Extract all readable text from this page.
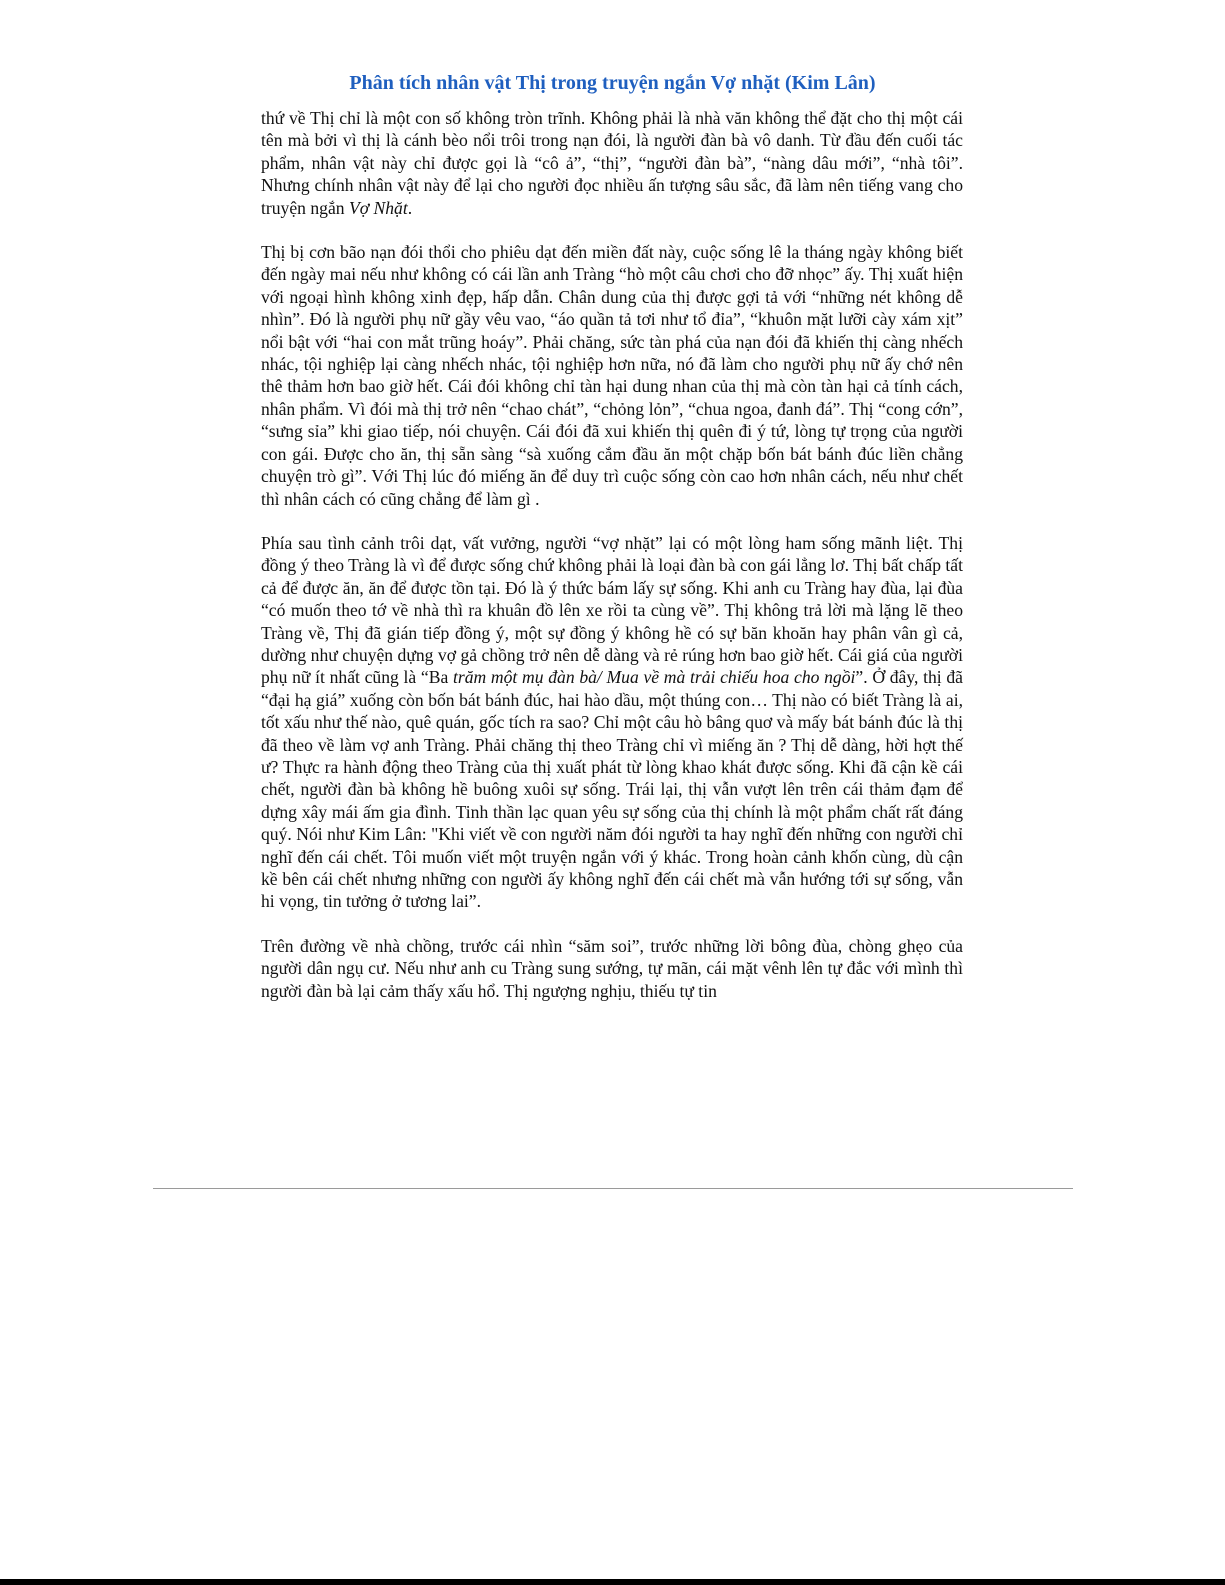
Phân tích nhân vật Thị trong truyện ngắn Vợ nhặt (Kim Lân)

thứ về Thị chỉ là một con số không tròn trĩnh. Không phải là nhà văn không thể đặt cho thị một cái tên mà bởi vì thị là cánh bèo nổi trôi trong nạn đói, là người đàn bà vô danh. Từ đầu đến cuối tác phẩm, nhân vật này chỉ được gọi là “cô ả”, “thị”, “người đàn bà”, “nàng dâu mới”, “nhà tôi”. Nhưng chính nhân vật này để lại cho người đọc nhiều ấn tượng sâu sắc, đã làm nên tiếng vang cho truyện ngắn Vợ Nhặt.

Thị bị cơn bão nạn đói thổi cho phiêu dạt đến miền đất này, cuộc sống lê la tháng ngày không biết đến ngày mai nếu như không có cái lần anh Tràng “hò một câu chơi cho đỡ nhọc” ấy. Thị xuất hiện với ngoại hình không xinh đẹp, hấp dẫn. Chân dung của thị được gợi tả với “những nét không dễ nhìn”. Đó là người phụ nữ gầy vêu vao, “áo quần tả tơi như tổ đỉa”, “khuôn mặt lưỡi cày xám xịt” nổi bật với “hai con mắt trũng hoáy”. Phải chăng, sức tàn phá của nạn đói đã khiến thị càng nhếch nhác, tội nghiệp lại càng nhếch nhác, tội nghiệp hơn nữa, nó đã làm cho người phụ nữ ấy chớ nên thê thảm hơn bao giờ hết. Cái đói không chỉ tàn hại dung nhan của thị mà còn tàn hại cả tính cách, nhân phẩm. Vì đói mà thị trở nên “chao chát”, “chỏng lỏn”, “chua ngoa, đanh đá”. Thị “cong cớn”, “sưng sỉa” khi giao tiếp, nói chuyện. Cái đói đã xui khiến thị quên đi ý tứ, lòng tự trọng của người con gái. Được cho ăn, thị sẵn sàng “sà xuống cắm đầu ăn một chặp bốn bát bánh đúc liền chẳng chuyện trò gì”. Với Thị lúc đó miếng ăn để duy trì cuộc sống còn cao hơn nhân cách, nếu như chết thì nhân cách có cũng chẳng để làm gì .

Phía sau tình cảnh trôi dạt, vất vưởng, người “vợ nhặt” lại có một lòng ham sống mãnh liệt. Thị đồng ý theo Tràng là vì để được sống chứ không phải là loại đàn bà con gái lẳng lơ. Thị bất chấp tất cả để được ăn, ăn để được tồn tại. Đó là ý thức bám lấy sự sống. Khi anh cu Tràng hay đùa, lại đùa “có muốn theo tớ về nhà thì ra khuân đồ lên xe rồi ta cùng về”. Thị không trả lời mà lặng lẽ theo Tràng về, Thị đã gián tiếp đồng ý, một sự đồng ý không hề có sự băn khoăn hay phân vân gì cả, dường như chuyện dựng vợ gả chồng trở nên dễ dàng và rẻ rúng hơn bao giờ hết. Cái giá của người phụ nữ ít nhất cũng là “Ba trăm một mụ đàn bà/ Mua về mà trải chiếu hoa cho ngồi”. Ở đây, thị đã “đại hạ giá” xuống còn bốn bát bánh đúc, hai hào dầu, một thúng con… Thị nào có biết Tràng là ai, tốt xấu như thế nào, quê quán, gốc tích ra sao? Chỉ một câu hò bâng quơ và mấy bát bánh đúc là thị đã theo về làm vợ anh Tràng. Phải chăng thị theo Tràng chỉ vì miếng ăn ? Thị dễ dàng, hời hợt thế ư? Thực ra hành động theo Tràng của thị xuất phát từ lòng khao khát được sống. Khi đã cận kề cái chết, người đàn bà không hề buông xuôi sự sống. Trái lại, thị vẫn vượt lên trên cái thảm đạm để dựng xây mái ấm gia đình. Tinh thần lạc quan yêu sự sống của thị chính là một phẩm chất rất đáng quý. Nói như Kim Lân: "Khi viết về con người năm đói người ta hay nghĩ đến những con người chỉ nghĩ đến cái chết. Tôi muốn viết một truyện ngắn với ý khác. Trong hoàn cảnh khốn cùng, dù cận kề bên cái chết nhưng những con người ấy không nghĩ đến cái chết mà vẫn hướng tới sự sống, vẫn hi vọng, tin tưởng ở tương lai”.

Trên đường về nhà chồng, trước cái nhìn “săm soi”, trước những lời bông đùa, chòng ghẹo của người dân ngụ cư. Nếu như anh cu Tràng sung sướng, tự mãn, cái mặt vênh lên tự đắc với mình thì người đàn bà lại cảm thấy xấu hổ. Thị ngượng nghịu, thiếu tự tin
